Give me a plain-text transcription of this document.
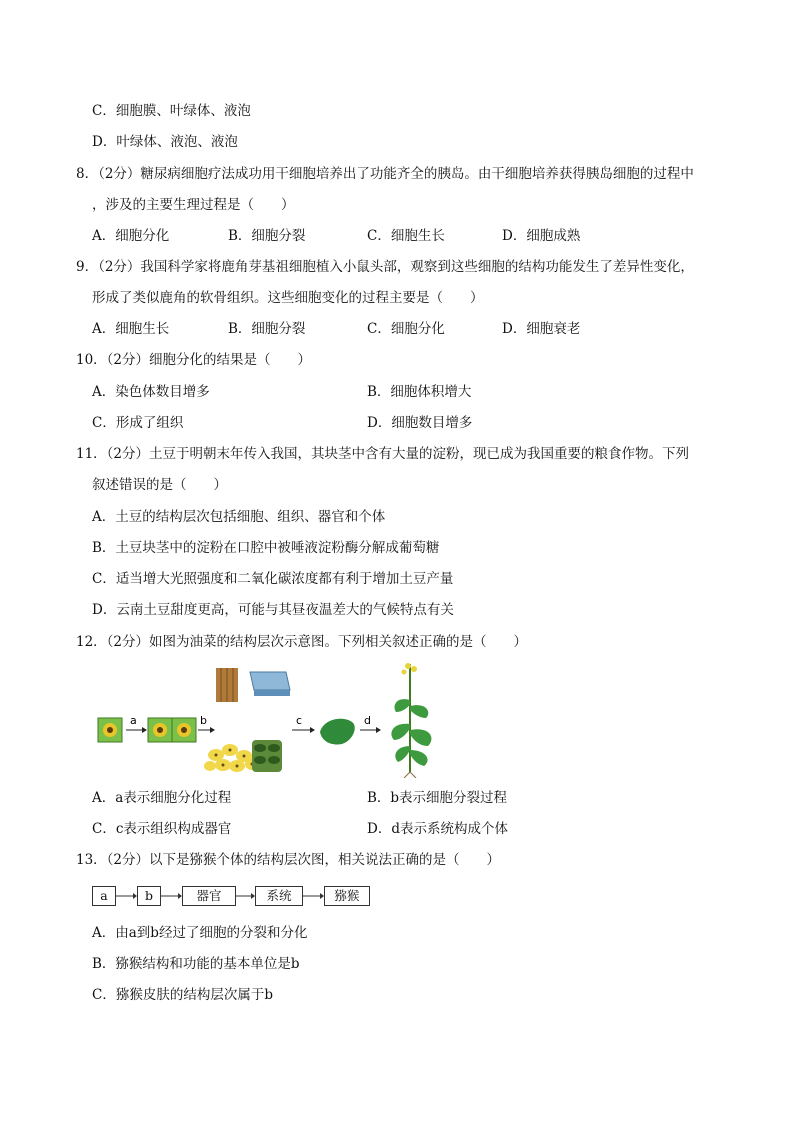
C．细胞膜、叶绿体、液泡
D．叶绿体、液泡、液泡
8．（2分）糖尿病细胞疗法成功用干细胞培养出了功能齐全的胰岛。由干细胞培养获得胰岛细胞的过程中
，涉及的主要生理过程是（　　）
A．细胞分化	B．细胞分裂	C．细胞生长	D．细胞成熟
9．（2分）我国科学家将鹿角芽基祖细胞植入小鼠头部，观察到这些细胞的结构功能发生了差异性变化，
形成了类似鹿角的软骨组织。这些细胞变化的过程主要是（　　）
A．细胞生长	B．细胞分裂	C．细胞分化	D．细胞衰老
10．（2分）细胞分化的结果是（　　）
A．染色体数目增多	B．细胞体积增大
C．形成了组织	D．细胞数目增多
11．（2分）土豆于明朝末年传入我国，其块茎中含有大量的淀粉，现已成为我国重要的粮食作物。下列
叙述错误的是（　　）
A．土豆的结构层次包括细胞、组织、器官和个体
B．土豆块茎中的淀粉在口腔中被唾液淀粉酶分解成葡萄糖
C．适当增大光照强度和二氧化碳浓度都有利于增加土豆产量
D．云南土豆甜度更高，可能与其昼夜温差大的气候特点有关
12．（2分）如图为油菜的结构层次示意图。下列相关叙述正确的是（　　）
a	b	c	d
A．a表示细胞分化过程	B．b表示细胞分裂过程
C．c表示组织构成器官	D．d表示系统构成个体
13．（2分）以下是猕猴个体的结构层次图，相关说法正确的是（　　）
a	b	器官	系统	猕猴
A．由a到b经过了细胞的分裂和分化
B．猕猴结构和功能的基本单位是b
C．猕猴皮肤的结构层次属于b
